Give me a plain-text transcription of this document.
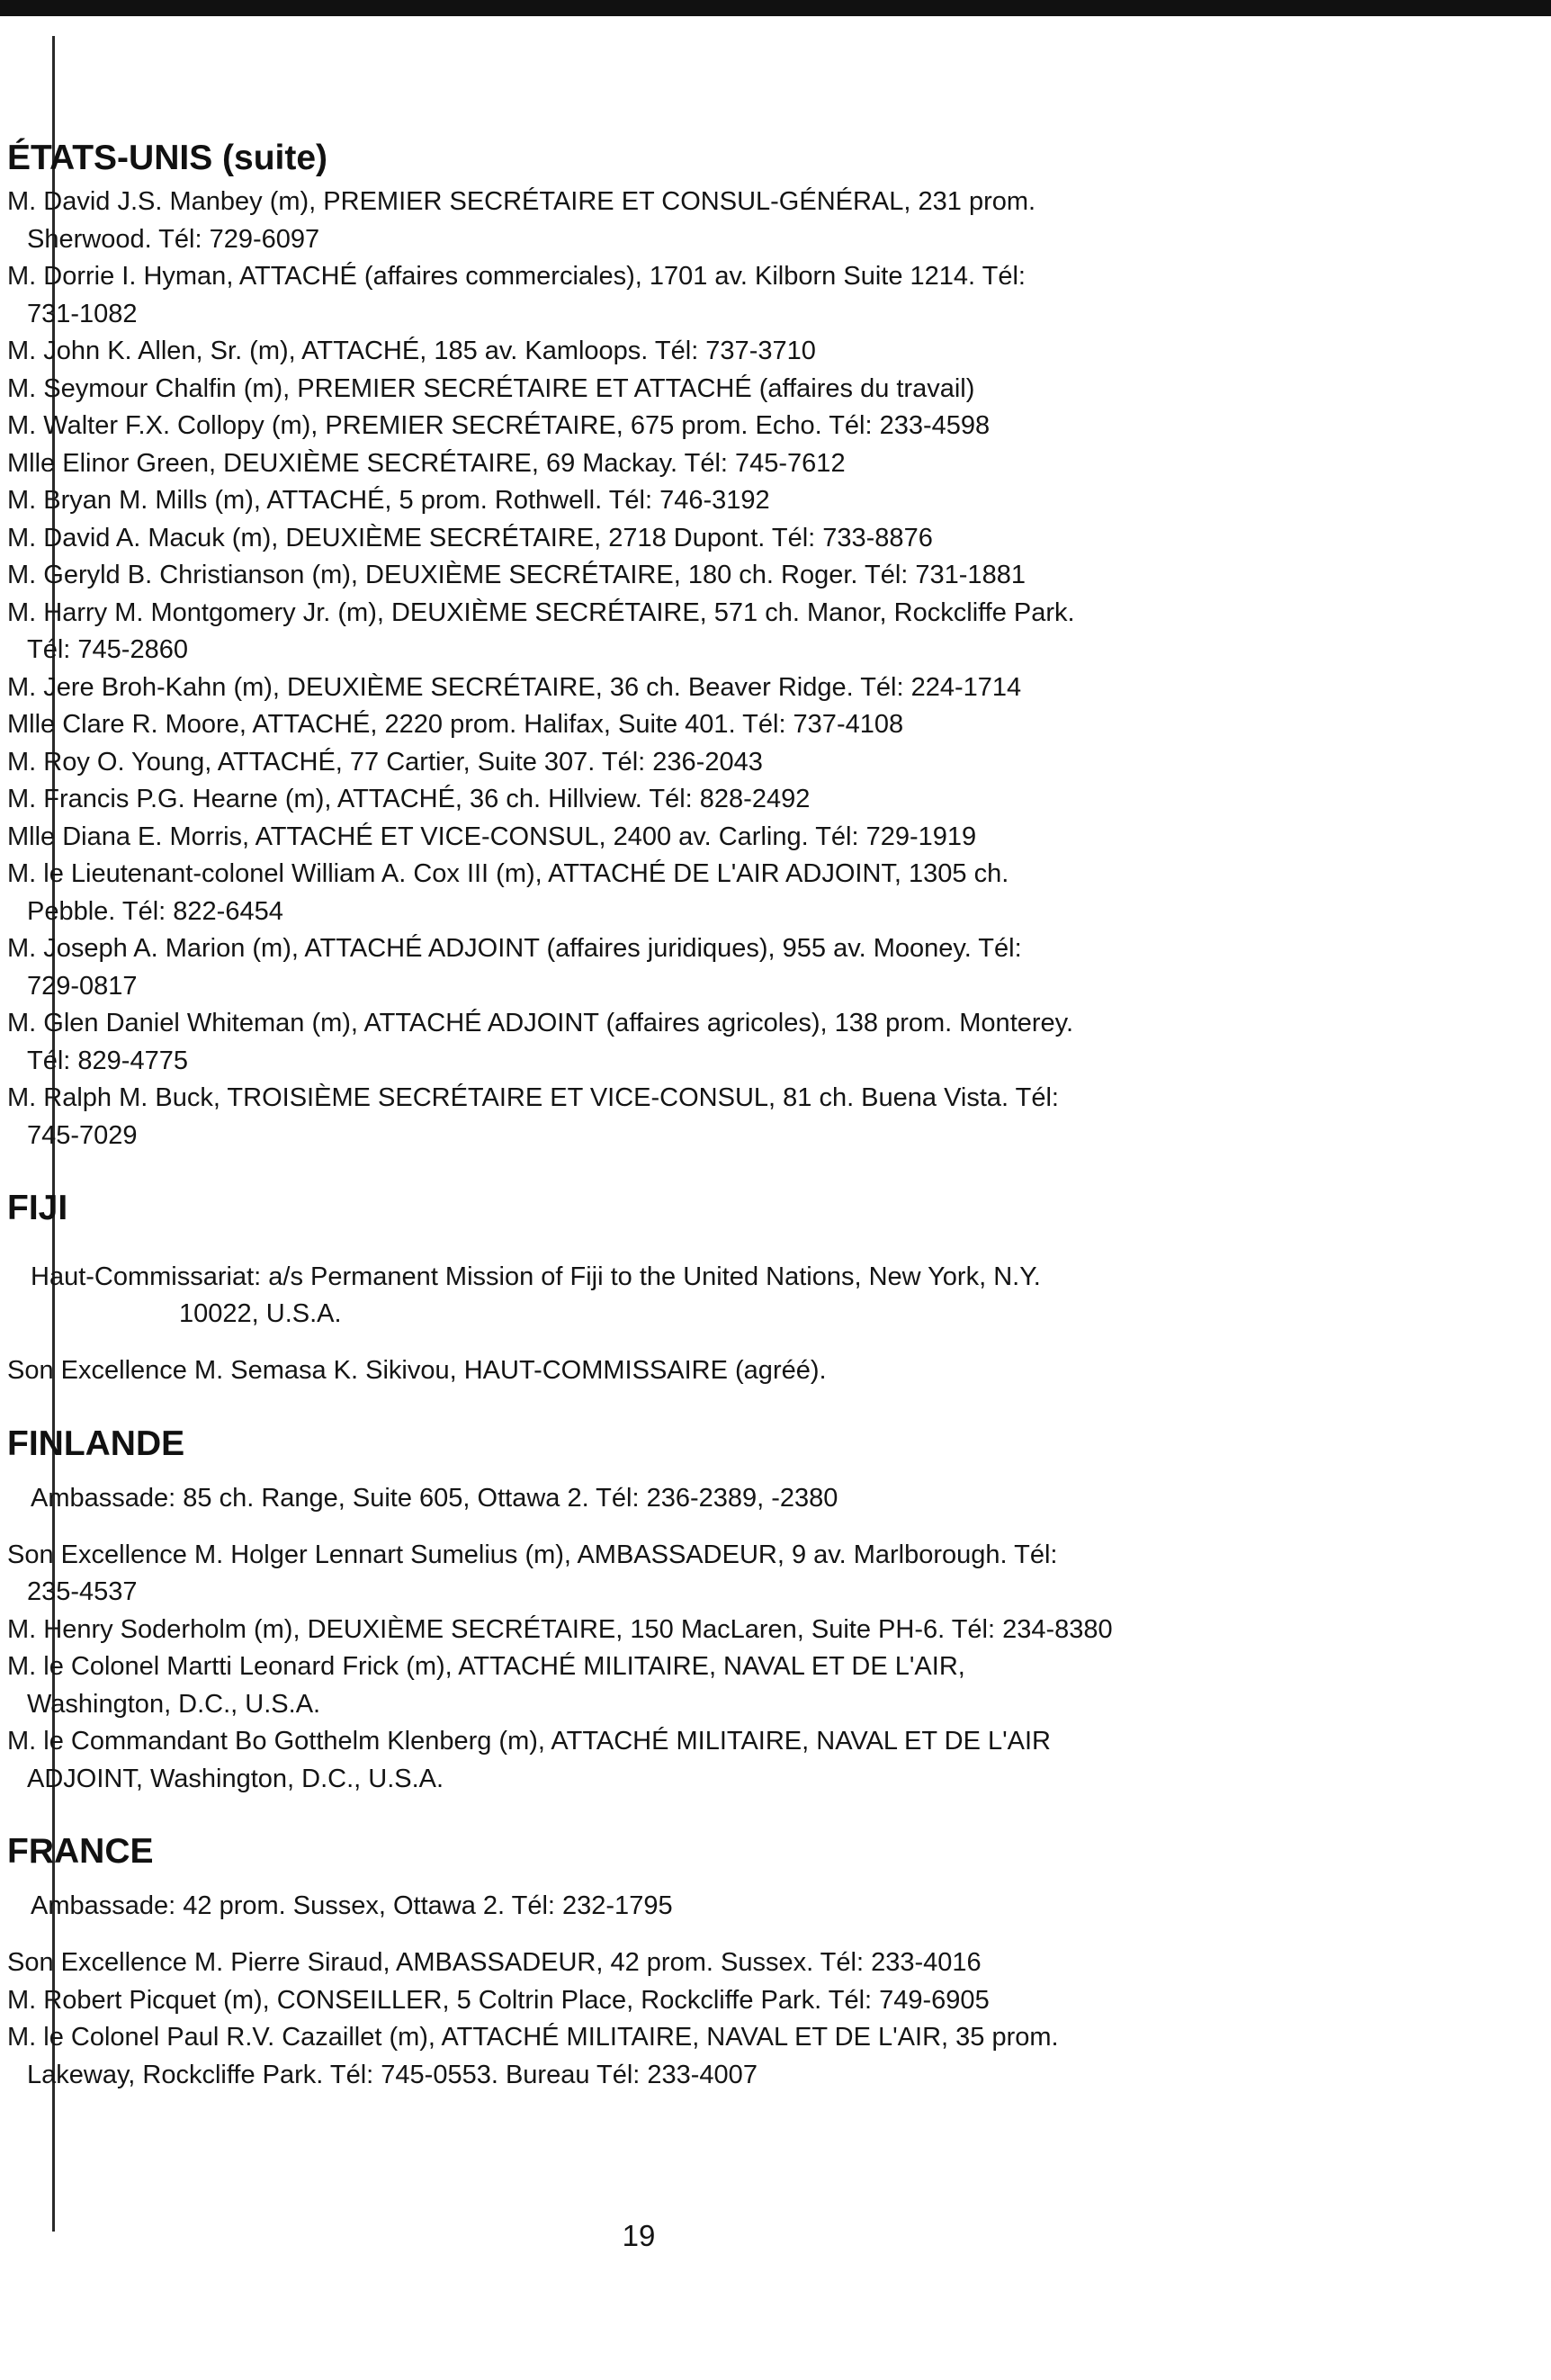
ÉTATS-UNIS (suite)
M. David J.S. Manbey (m), PREMIER SECRÉTAIRE ET CONSUL-GÉNÉRAL, 231 prom.
Sherwood. Tél: 729-6097
M. Dorrie I. Hyman, ATTACHÉ (affaires commerciales), 1701 av. Kilborn Suite 1214. Tél:
731-1082
M. John K. Allen, Sr. (m), ATTACHÉ, 185 av. Kamloops. Tél: 737-3710
M. Seymour Chalfin (m), PREMIER SECRÉTAIRE ET ATTACHÉ (affaires du travail)
M. Walter F.X. Collopy (m), PREMIER SECRÉTAIRE, 675 prom. Echo. Tél: 233-4598
Mlle Elinor Green, DEUXIÈME SECRÉTAIRE, 69 Mackay. Tél: 745-7612
M. Bryan M. Mills (m), ATTACHÉ, 5 prom. Rothwell. Tél: 746-3192
M. David A. Macuk (m), DEUXIÈME SECRÉTAIRE, 2718 Dupont. Tél: 733-8876
M. Geryld B. Christianson (m), DEUXIÈME SECRÉTAIRE, 180 ch. Roger. Tél: 731-1881
M. Harry M. Montgomery Jr. (m), DEUXIÈME SECRÉTAIRE, 571 ch. Manor, Rockcliffe Park.
Tél: 745-2860
M. Jere Broh-Kahn (m), DEUXIÈME SECRÉTAIRE, 36 ch. Beaver Ridge. Tél: 224-1714
Mlle Clare R. Moore, ATTACHÉ, 2220 prom. Halifax, Suite 401. Tél: 737-4108
M. Roy O. Young, ATTACHÉ, 77 Cartier, Suite 307. Tél: 236-2043
M. Francis P.G. Hearne (m), ATTACHÉ, 36 ch. Hillview. Tél: 828-2492
Mlle Diana E. Morris, ATTACHÉ ET VICE-CONSUL, 2400 av. Carling. Tél: 729-1919
M. le Lieutenant-colonel William A. Cox III (m), ATTACHÉ DE L'AIR ADJOINT, 1305 ch.
Pebble. Tél: 822-6454
M. Joseph A. Marion (m), ATTACHÉ ADJOINT (affaires juridiques), 955 av. Mooney. Tél:
729-0817
M. Glen Daniel Whiteman (m), ATTACHÉ ADJOINT (affaires agricoles), 138 prom. Monterey.
Tél: 829-4775
M. Ralph M. Buck, TROISIÈME SECRÉTAIRE ET VICE-CONSUL, 81 ch. Buena Vista. Tél:
745-7029
FIJI

Haut-Commissariat: a/s Permanent Mission of Fiji to the United Nations, New York, N.Y.
10022, U.S.A.

Son Excellence M. Semasa K. Sikivou, HAUT-COMMISSAIRE (agréé).
FINLANDE

Ambassade: 85 ch. Range, Suite 605, Ottawa 2. Tél: 236-2389, -2380

Son Excellence M. Holger Lennart Sumelius (m), AMBASSADEUR, 9 av. Marlborough. Tél:
235-4537
M. Henry Soderholm (m), DEUXIÈME SECRÉTAIRE, 150 MacLaren, Suite PH-6. Tél: 234-8380
M. le Colonel Martti Leonard Frick (m), ATTACHÉ MILITAIRE, NAVAL ET DE L'AIR,
Washington, D.C., U.S.A.
M. le Commandant Bo Gotthelm Klenberg (m), ATTACHÉ MILITAIRE, NAVAL ET DE L'AIR
ADJOINT, Washington, D.C., U.S.A.
FRANCE

Ambassade: 42 prom. Sussex, Ottawa 2. Tél: 232-1795

Son Excellence M. Pierre Siraud, AMBASSADEUR, 42 prom. Sussex. Tél: 233-4016
M. Robert Picquet (m), CONSEILLER, 5 Coltrin Place, Rockcliffe Park. Tél: 749-6905
M. le Colonel Paul R.V. Cazaillet (m), ATTACHÉ MILITAIRE, NAVAL ET DE L'AIR, 35 prom.
Lakeway, Rockcliffe Park. Tél: 745-0553. Bureau Tél: 233-4007
19
